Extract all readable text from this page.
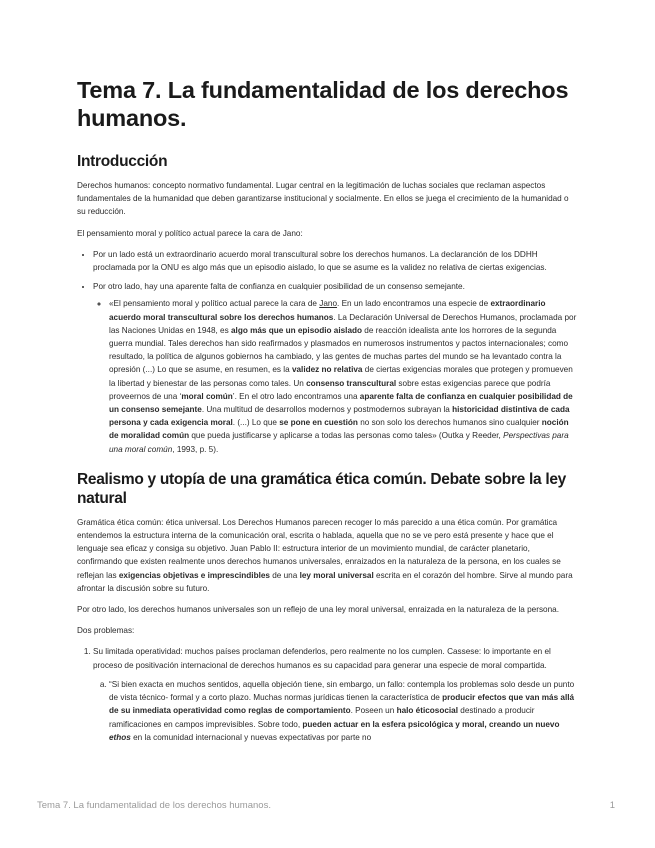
Tema 7. La fundamentalidad de los derechos humanos.
Introducción

Derechos humanos: concepto normativo fundamental. Lugar central en la legitimación de luchas sociales que reclaman aspectos fundamentales de la humanidad que deben garantizarse institucional y socialmente. En ellos se juega el crecimiento de la humanidad o su reducción.

El pensamiento moral y político actual parece la cara de Jano:

• Por un lado está un extraordinario acuerdo moral transcultural sobre los derechos humanos. La declaranción de los DDHH proclamada por la ONU es algo más que un episodio aislado, lo que se asume es la validez no relativa de ciertas exigencias.
• Por otro lado, hay una aparente falta de confianza en cualquier posibilidad de un consenso semejante.
◦ «El pensamiento moral y político actual parece la cara de Jano. En un lado encontramos una especie de extraordinario acuerdo moral transcultural sobre los derechos humanos. La Declaración Universal de Derechos Humanos, proclamada por las Naciones Unidas en 1948, es algo más que un episodio aislado de reacción idealista ante los horrores de la segunda guerra mundial. Tales derechos han sido reafirmados y plasmados en numerosos instrumentos y pactos internacionales; como resultado, la política de algunos gobiernos ha cambiado, y las gentes de muchas partes del mundo se ha levantado contra la opresión (...) Lo que se asume, en resumen, es la validez no relativa de ciertas exigencias morales que protegen y promueven la libertad y bienestar de las personas como tales. Un consenso transcultural sobre estas exigencias parece que podría proveernos de una ‘moral común’. En el otro lado encontramos una aparente falta de confianza en cualquier posibilidad de un consenso semejante. Una multitud de desarrollos modernos y postmodernos subrayan la historicidad distintiva de cada persona y cada exigencia moral. (...) Lo que se pone en cuestión no son solo los derechos humanos sino cualquier noción de moralidad común que pueda justificarse y aplicarse a todas las personas como tales» (Outka y Reeder, Perspectivas para una moral común, 1993, p. 5).
Realismo y utopía de una gramática ética común. Debate sobre la ley natural

Gramática ética común: ética universal. Los Derechos Humanos parecen recoger lo más parecido a una ética común. Por gramática entendemos la estructura interna de la comunicación oral, escrita o hablada, aquella que no se ve pero está presente y hace que el lenguaje sea eficaz y consiga su objetivo. Juan Pablo II: estructura interior de un movimiento mundial, de carácter planetario, confirmando que existen realmente unos derechos humanos universales, enraizados en la naturaleza de la persona, en los cuales se reflejan las exigencias objetivas e imprescindibles de una ley moral universal escrita en el corazón del hombre. Sirve al mundo para afrontar la discusión sobre su futuro.

Por otro lado, los derechos humanos universales son un reflejo de una ley moral universal, enraizada en la naturaleza de la persona.

Dos problemas:

1. Su limitada operatividad: muchos países proclaman defenderlos, pero realmente no los cumplen. Cassese: lo importante en el proceso de positivación internacional de derechos humanos es su capacidad para generar una especie de moral compartida.
a. “Si bien exacta en muchos sentidos, aquella objeción tiene, sin embargo, un fallo: contempla los problemas solo desde un punto de vista técnico- formal y a corto plazo. Muchas normas jurídicas tienen la característica de producir efectos que van más allá de su inmediata operatividad como reglas de comportamiento. Poseen un halo éticosocial destinado a producir ramificaciones en campos imprevisibles. Sobre todo, pueden actuar en la esfera psicológica y moral, creando un nuevo ethos en la comunidad internacional y nuevas expectativas por parte no
Tema 7. La fundamentalidad de los derechos humanos.	1
